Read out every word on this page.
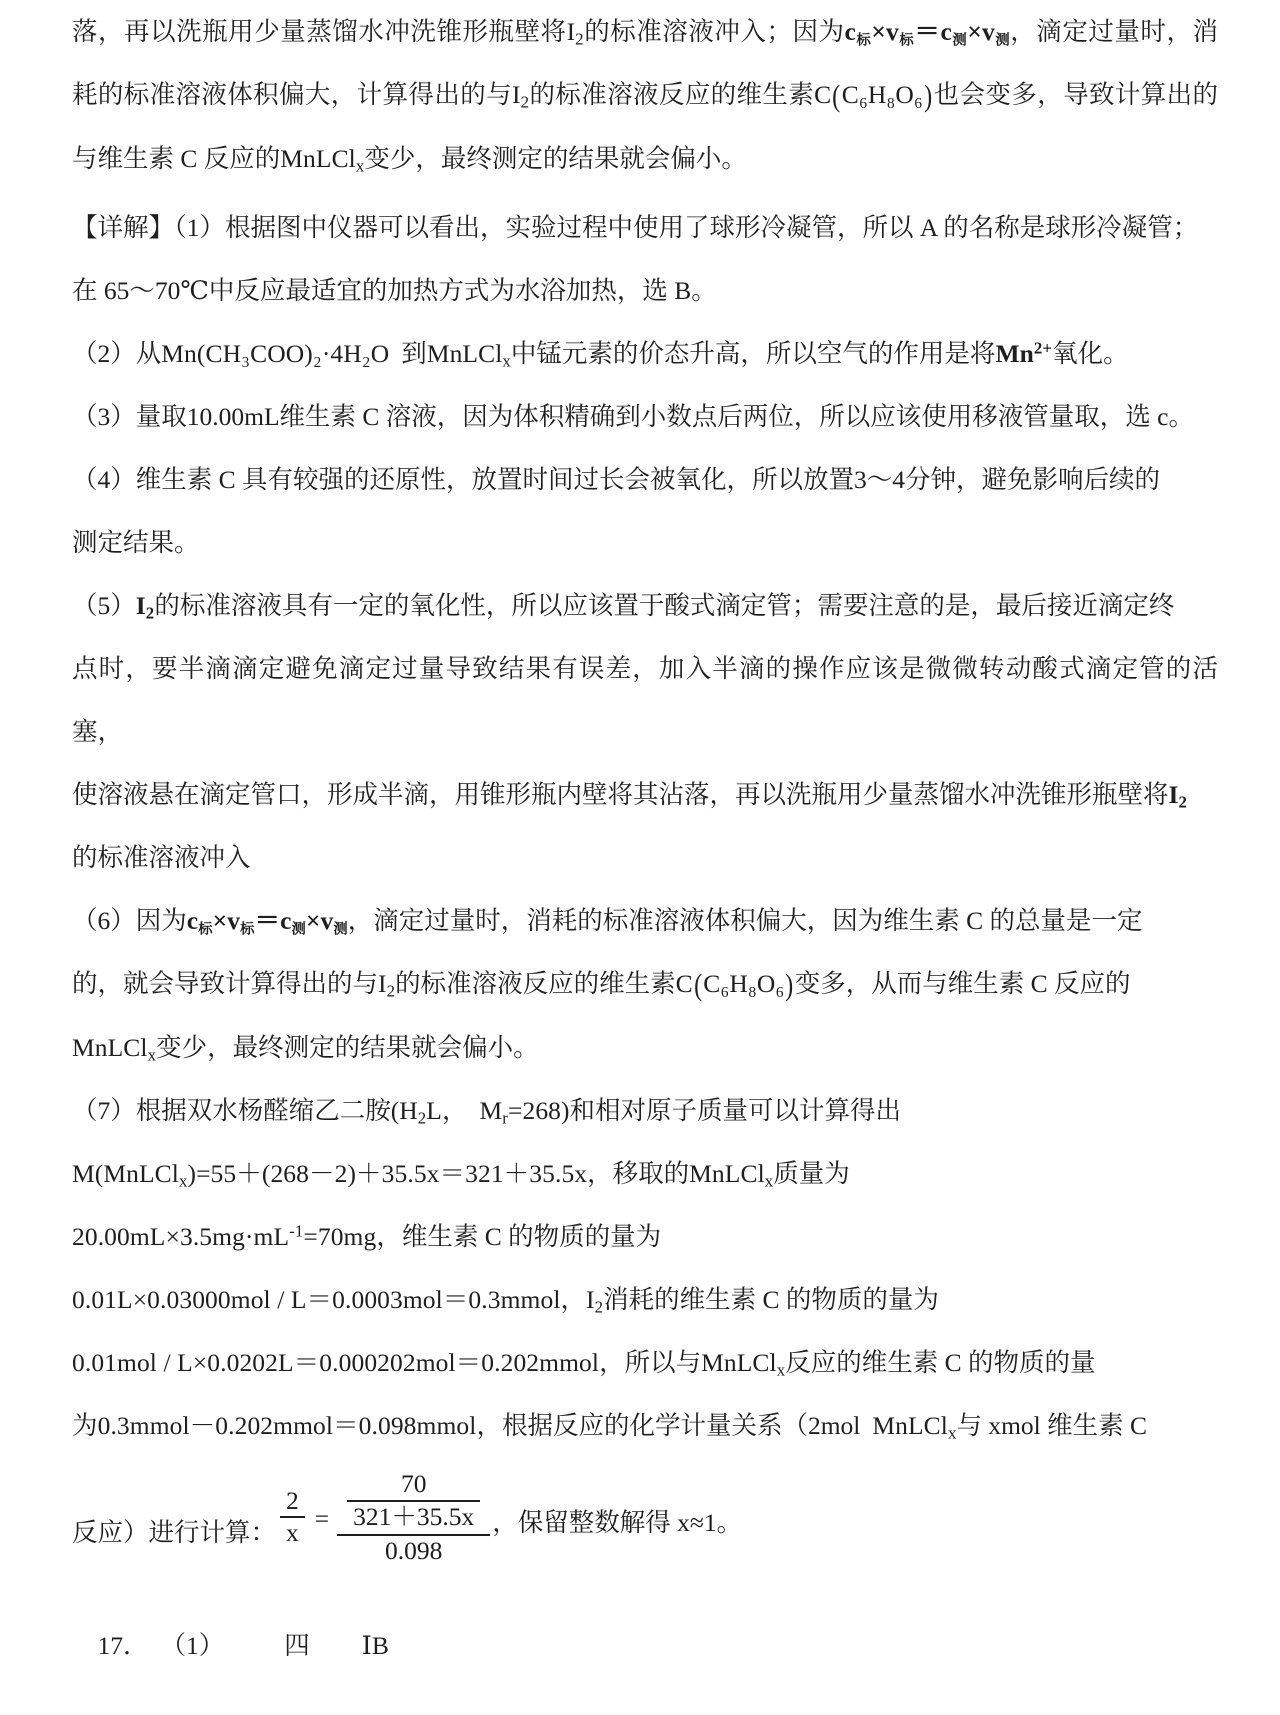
落，再以洗瓶用少量蒸馏水冲洗锥形瓶壁将$I_2$的标准溶液冲入；因为c标×v标＝c测×v测，滴定过量时，消耗的标准溶液体积偏大，计算得出的与$I_2$的标准溶液反应的维生素C(C₆H₈O₆)也会变多，导致计算出的与维生素 C 反应的MnLCl$_x$变少，最终测定的结果就会偏小。

【详解】（1）根据图中仪器可以看出，实验过程中使用了球形冷凝管，所以 A 的名称是球形冷凝管；
在 65～70℃中反应最适宜的加热方式为水浴加热，选 B。

（2）从Mn(CH₃COO)₂·4H₂O 到MnLCl$_x$中锰元素的价态升高，所以空气的作用是将$Mn^{2+}$氧化。

（3）量取10.00mL维生素 C 溶液，因为体积精确到小数点后两位，所以应该使用移液管量取，选 c。

（4）维生素 C 具有较强的还原性，放置时间过长会被氧化，所以放置3～4分钟，避免影响后续的
测定结果。

$(5)I_2$的标准溶液具有一定的氧化性，所以应该置于酸式滴定管；需要注意的是，最后接近滴定终
点时，要半滴滴定避免滴定过量导致结果有误差，加入半滴的操作应该是微微转动酸式滴定管的活塞，
使溶液悬在滴定管口，形成半滴，用锥形瓶内壁将其沾落，再以洗瓶用少量蒸馏水冲洗锥形瓶壁将$I_2$
的标准溶液冲入

（6）因为c标×v标＝c测×v测，滴定过量时，消耗的标准溶液体积偏大，因为维生素 C 的总量是一定
的，就会导致计算得出的与$I_2$的标准溶液反应的维生素C(C₆H₈O₆)变多，从而与维生素 C 反应的
MnLCl$_x$变少，最终测定的结果就会偏小。

（7）根据双水杨醛缩乙二胺($H_2L$， $M_r=268$)和相对原子质量可以计算得出

M(MnLCl$_x$)=55＋(268－2)＋35.5x＝321＋35.5x，移取的MnLCl$_x$质量为

$20.00mL\times 3.5mg\cdot mL^{-1}=70mg$，维生素 C 的物质的量为

0.01L×0.03000mol / L＝0.0003mol＝0.3mmol，$I_2$消耗的维生素 C 的物质的量为

0.01mol / L×0.0202L＝0.000202mol＝0.202mmol，所以与MnLCl$_x$反应的维生素 C 的物质的量

为0.3mmol－0.202mmol＝0.098mmol，根据反应的化学计量关系（2mol MnLCl$_x$与 xmol 维生素 C

反应）进行计算： $\frac{2}{x} = \frac{\frac{70}{321+35.5x}}{0.098}$ ，保留整数解得 x≈1。

17． （1） 四 ⅠB
